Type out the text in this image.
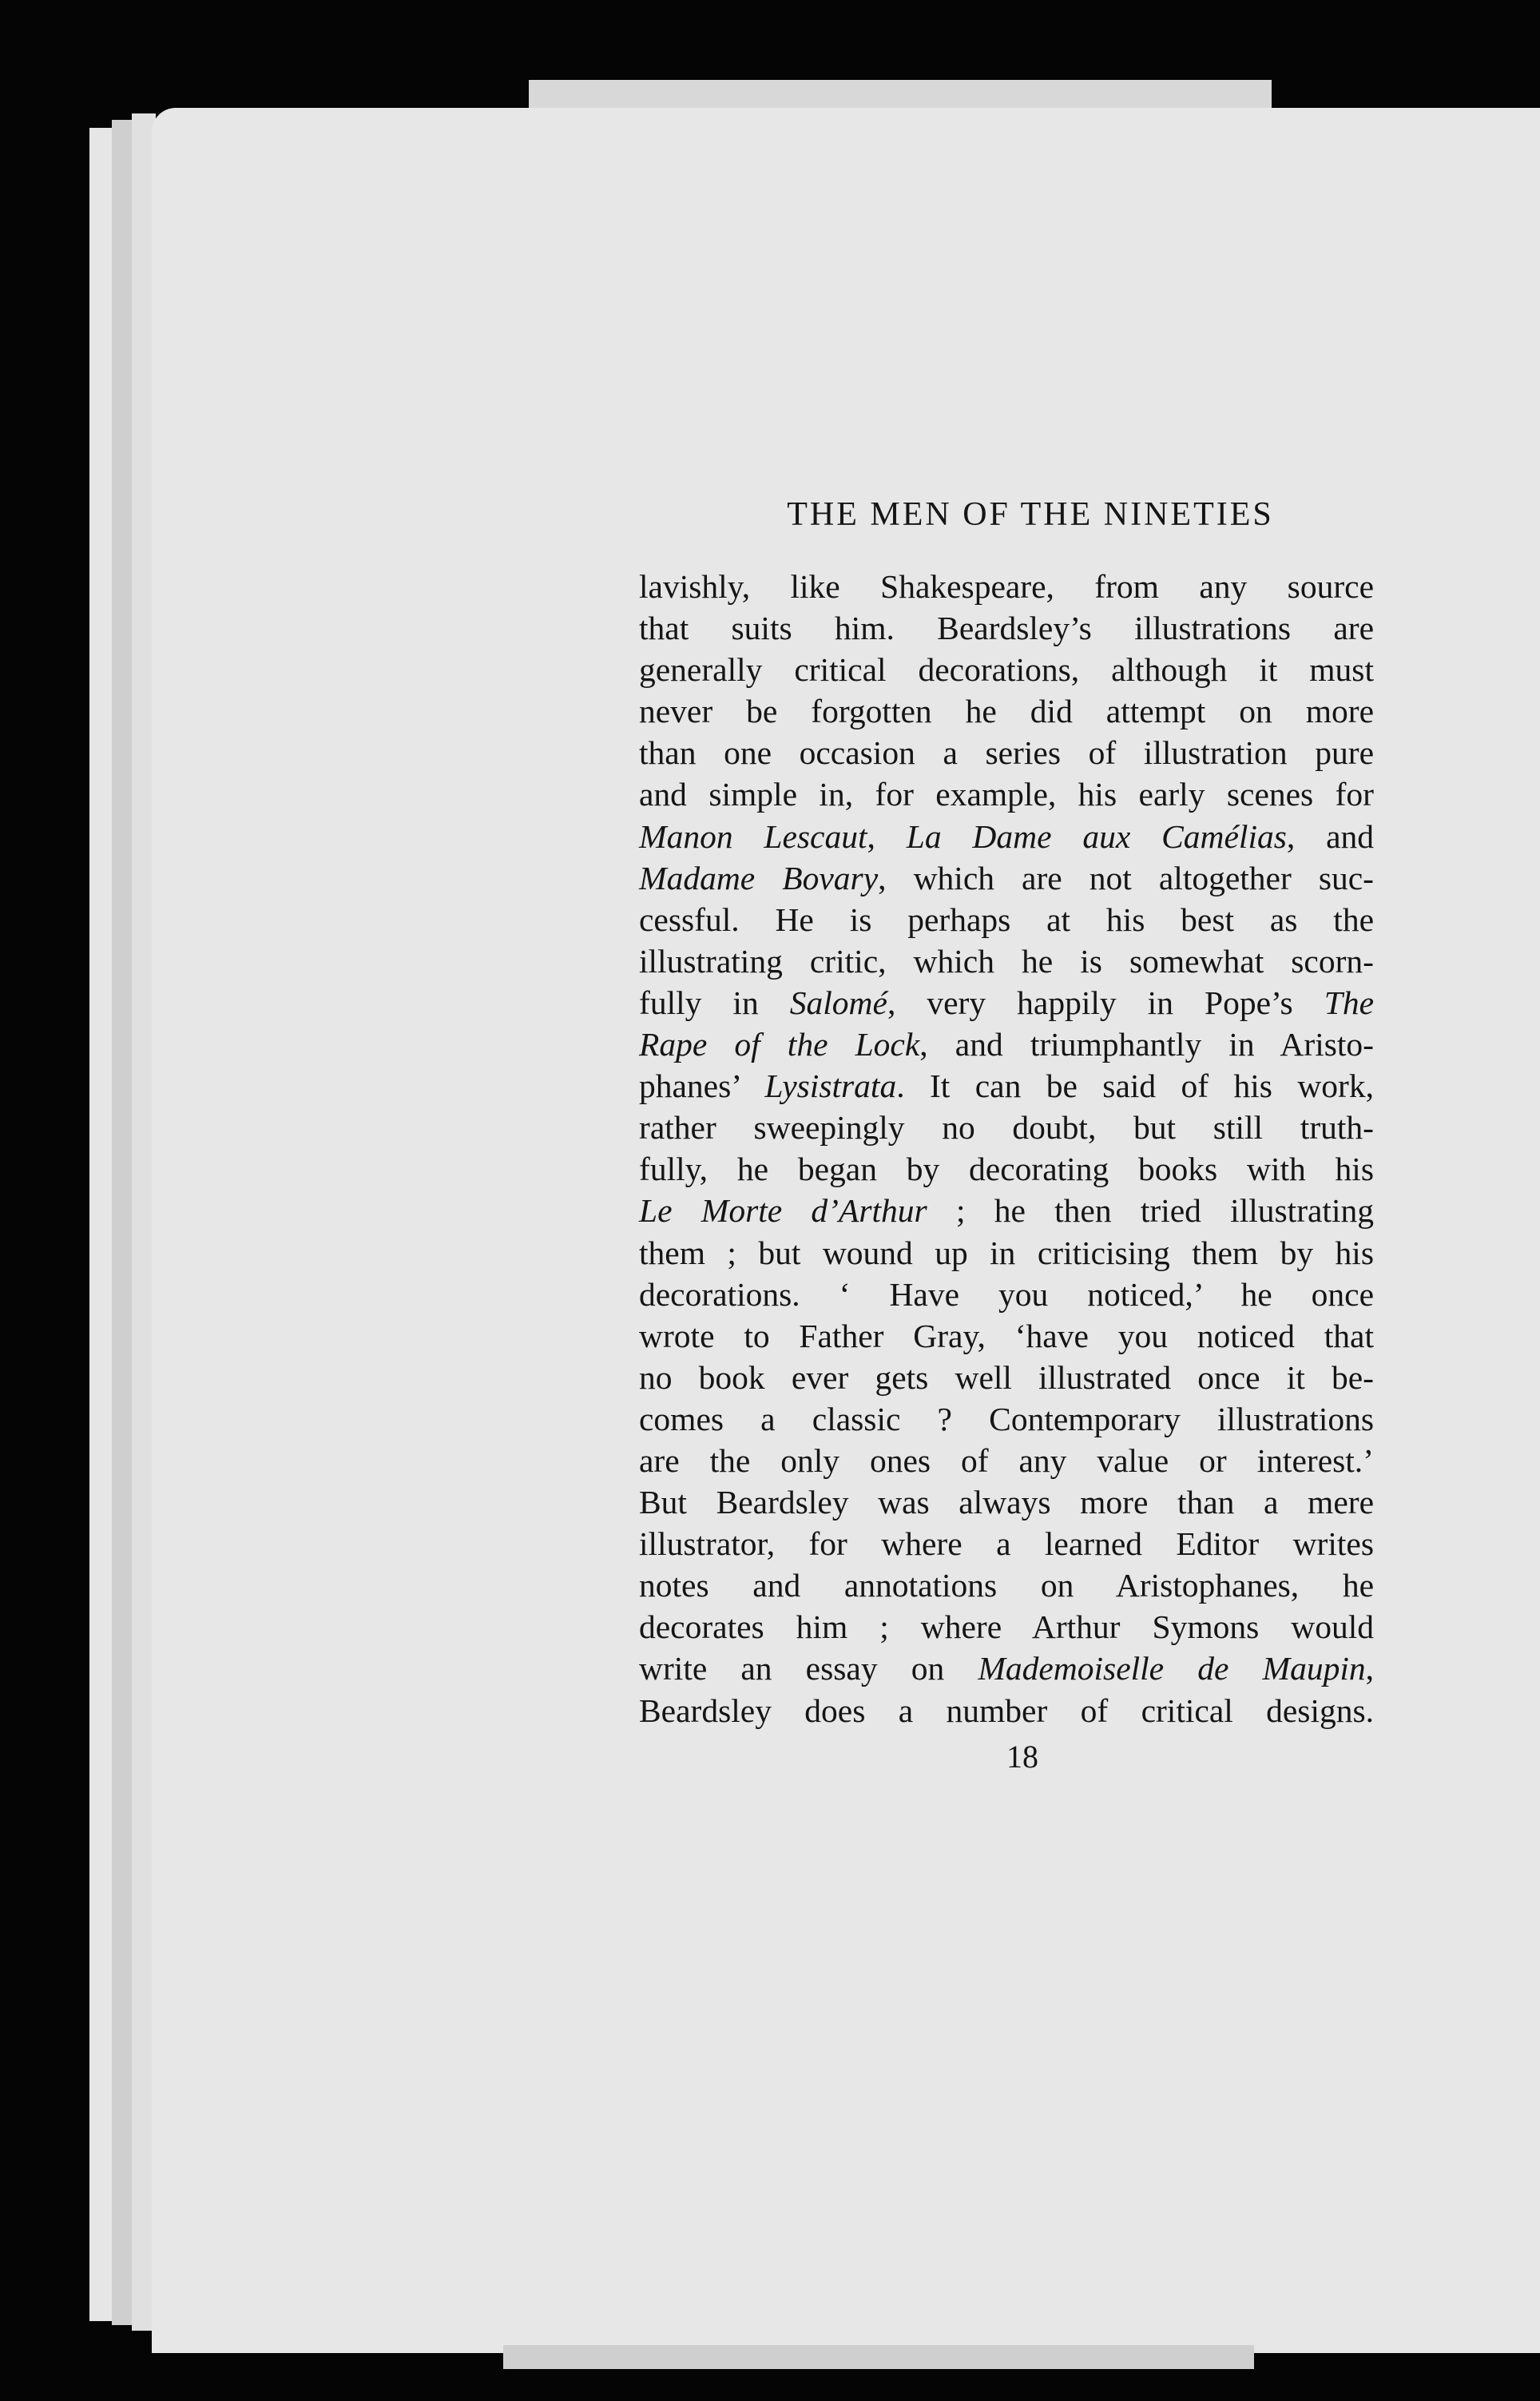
THE MEN OF THE NINETIES

lavishly, like Shakespeare, from any source
that suits him. Beardsley’s illustrations are
generally critical decorations, although it must
never be forgotten he did attempt on more
than one occasion a series of illustration pure
and simple in, for example, his early scenes for
Manon Lescaut, La Dame aux Camélias, and
Madame Bovary, which are not altogether suc-
cessful. He is perhaps at his best as the
illustrating critic, which he is somewhat scorn-
fully in Salomé, very happily in Pope’s The
Rape of the Lock, and triumphantly in Aristo-
phanes’ Lysistrata. It can be said of his work,
rather sweepingly no doubt, but still truth-
fully, he began by decorating books with his
Le Morte d’Arthur ; he then tried illustrating
them ; but wound up in criticising them by his
decorations. ‘ Have you noticed,’ he once
wrote to Father Gray, ‘have you noticed that
no book ever gets well illustrated once it be-
comes a classic ? Contemporary illustrations
are the only ones of any value or interest.’
But Beardsley was always more than a mere
illustrator, for where a learned Editor writes
notes and annotations on Aristophanes, he
decorates him ; where Arthur Symons would
write an essay on Mademoiselle de Maupin,
Beardsley does a number of critical designs.

18
